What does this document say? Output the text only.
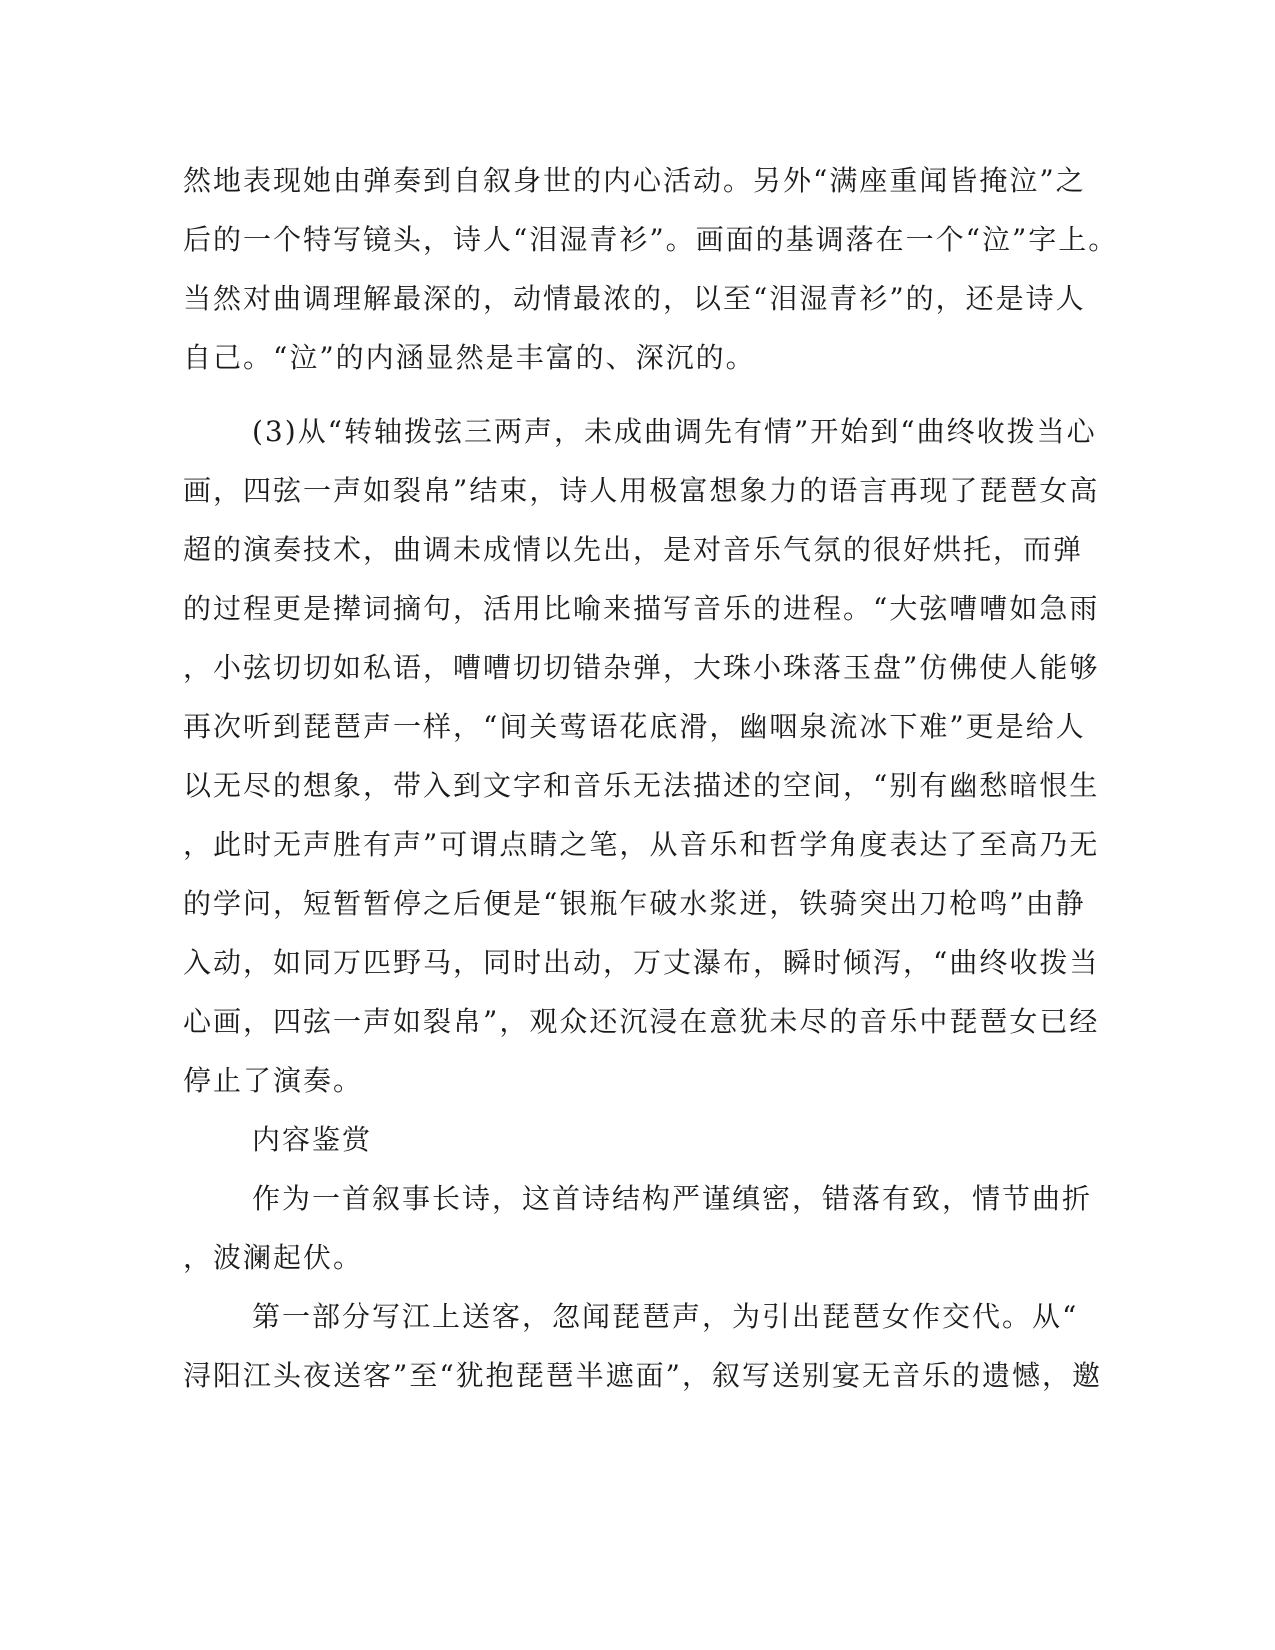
然地表现她由弹奏到自叙身世的内心活动。另外“满座重闻皆掩泣”之
后的一个特写镜头，诗人“泪湿青衫”。画面的基调落在一个“泣”字上。
当然对曲调理解最深的，动情最浓的，以至“泪湿青衫”的，还是诗人
自己。“泣”的内涵显然是丰富的、深沉的。
(3)从“转轴拨弦三两声，未成曲调先有情”开始到“曲终收拨当心
画，四弦一声如裂帛”结束，诗人用极富想象力的语言再现了琵琶女高
超的演奏技术，曲调未成情以先出，是对音乐气氛的很好烘托，而弹
的过程更是撵词摘句，活用比喻来描写音乐的进程。“大弦嘈嘈如急雨
，小弦切切如私语，嘈嘈切切错杂弹，大珠小珠落玉盘”仿佛使人能够
再次听到琵琶声一样，“间关莺语花底滑，幽咽泉流冰下难”更是给人
以无尽的想象，带入到文字和音乐无法描述的空间，“别有幽愁暗恨生
，此时无声胜有声”可谓点睛之笔，从音乐和哲学角度表达了至高乃无
的学问，短暂暂停之后便是“银瓶乍破水浆迸，铁骑突出刀枪鸣”由静
入动，如同万匹野马，同时出动，万丈瀑布，瞬时倾泻，“曲终收拨当
心画，四弦一声如裂帛”，观众还沉浸在意犹未尽的音乐中琵琶女已经
停止了演奏。
内容鉴赏
作为一首叙事长诗，这首诗结构严谨缜密，错落有致，情节曲折
，波澜起伏。
第一部分写江上送客，忽闻琵琶声，为引出琵琶女作交代。从“
浔阳江头夜送客”至“犹抱琵琶半遮面”，叙写送别宴无音乐的遗憾，邀
